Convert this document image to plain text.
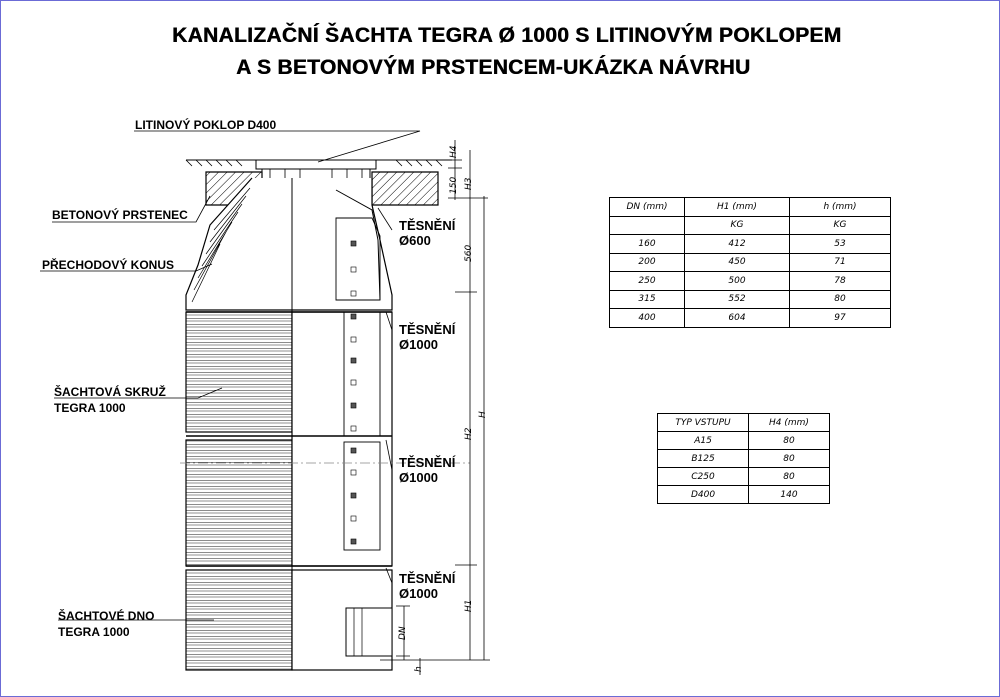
KANALIZAČNÍ ŠACHTA TEGRA Ø 1000 S LITINOVÝM POKLOPEM
A S BETONOVÝM PRSTENCEM-UKÁZKA NÁVRHU
LITINOVÝ POKLOP D400
BETONOVÝ PRSTENEC
PŘECHODOVÝ KONUS
ŠACHTOVÁ SKRUŽ
TEGRA 1000
ŠACHTOVÉ DNO
TEGRA 1000
TĚSNĚNÍ
Ø600
TĚSNĚNÍ
Ø1000
TĚSNĚNÍ
Ø1000
TĚSNĚNÍ
Ø1000
H4
H3
150
560
H
H2
H1
DN
h
DN (mm)	H1 (mm)	h (mm)
	KG	KG
160	412	53
200	450	71
250	500	78
315	552	80
400	604	97
TYP VSTUPU	H4 (mm)
A15	80
B125	80
C250	80
D400	140
